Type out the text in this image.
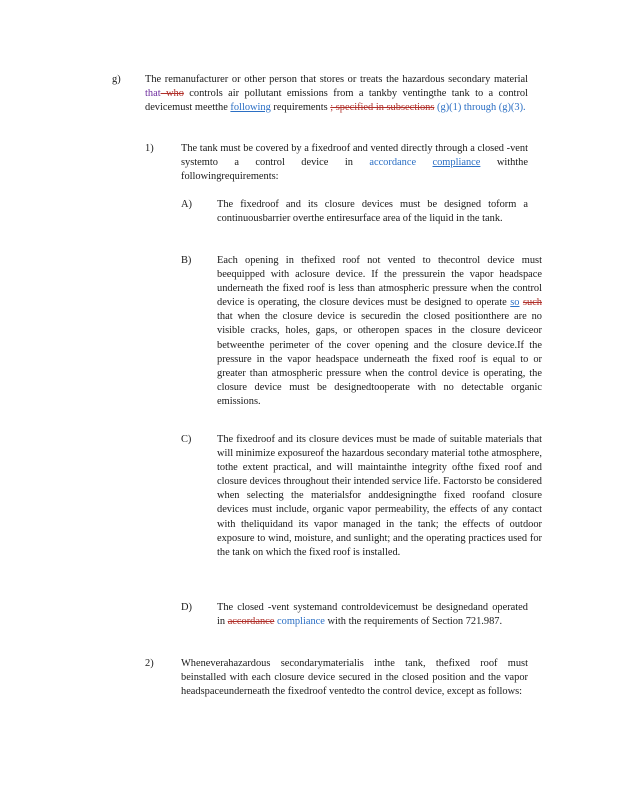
g) The remanufacturer or other person that stores or treats the hazardous secondary material that who controls air pollutant emissions from a tankby ventingthe tank to a control devicemust meetthe following requirements ; specified in subsections (g)(1) through (g)(3).
1)	The tank must be covered by a fixedroof and vented directly through a closed -vent systemto a control device in accordance compliance withthe followingrequirements:
A) The fixedroof and its closure devices must be designed toform a continuousbarrier overthe entiresurface area of the liquid in the tank.
B) Each opening in thefixed roof not vented to thecontrol device must beequipped with aclosure device. If the pressurein the vapor headspace underneath the fixed roof is less than atmospheric pressure when the control device is operating, the closure devices must be designed to operate so such that when the closure device is securedin the closed positionthere are no visible cracks, holes, gaps, or otheropen spaces in the closure deviceor betweenthe perimeter of the cover opening and the closure device.If the pressure in the vapor headspace underneath the fixed roof is equal to or greater than atmospheric pressure when the control device is operating, the closure device must be designedtooperate with no detectable organic emissions.
C) The fixedroof and its closure devices must be made of suitable materials that will minimize exposureof the hazardous secondary material tothe atmosphere, tothe extent practical, and will maintainthe integrity ofthe fixed roof and closure devices throughout their intended service life. Factorsto be considered when selecting the materialsfor anddesigningthe fixed roofand closure devices must include, organic vapor permeability, the effects of any contact with theliquidand its vapor managed in the tank; the effects of outdoor exposure to wind, moisture, and sunlight; and the operating practices used for the tank on which the fixed roof is installed.
D) The closed -vent systemand controldevicemust be designedand operated in accordance compliance with the requirements of Section 721.987.
2)	Wheneverahazardous secondarymaterialis inthe tank, thefixed roof must beinstalled with each closure device secured in the closed position and the vapor headspaceunderneath the fixedroof ventedto the control device, except as follows:
